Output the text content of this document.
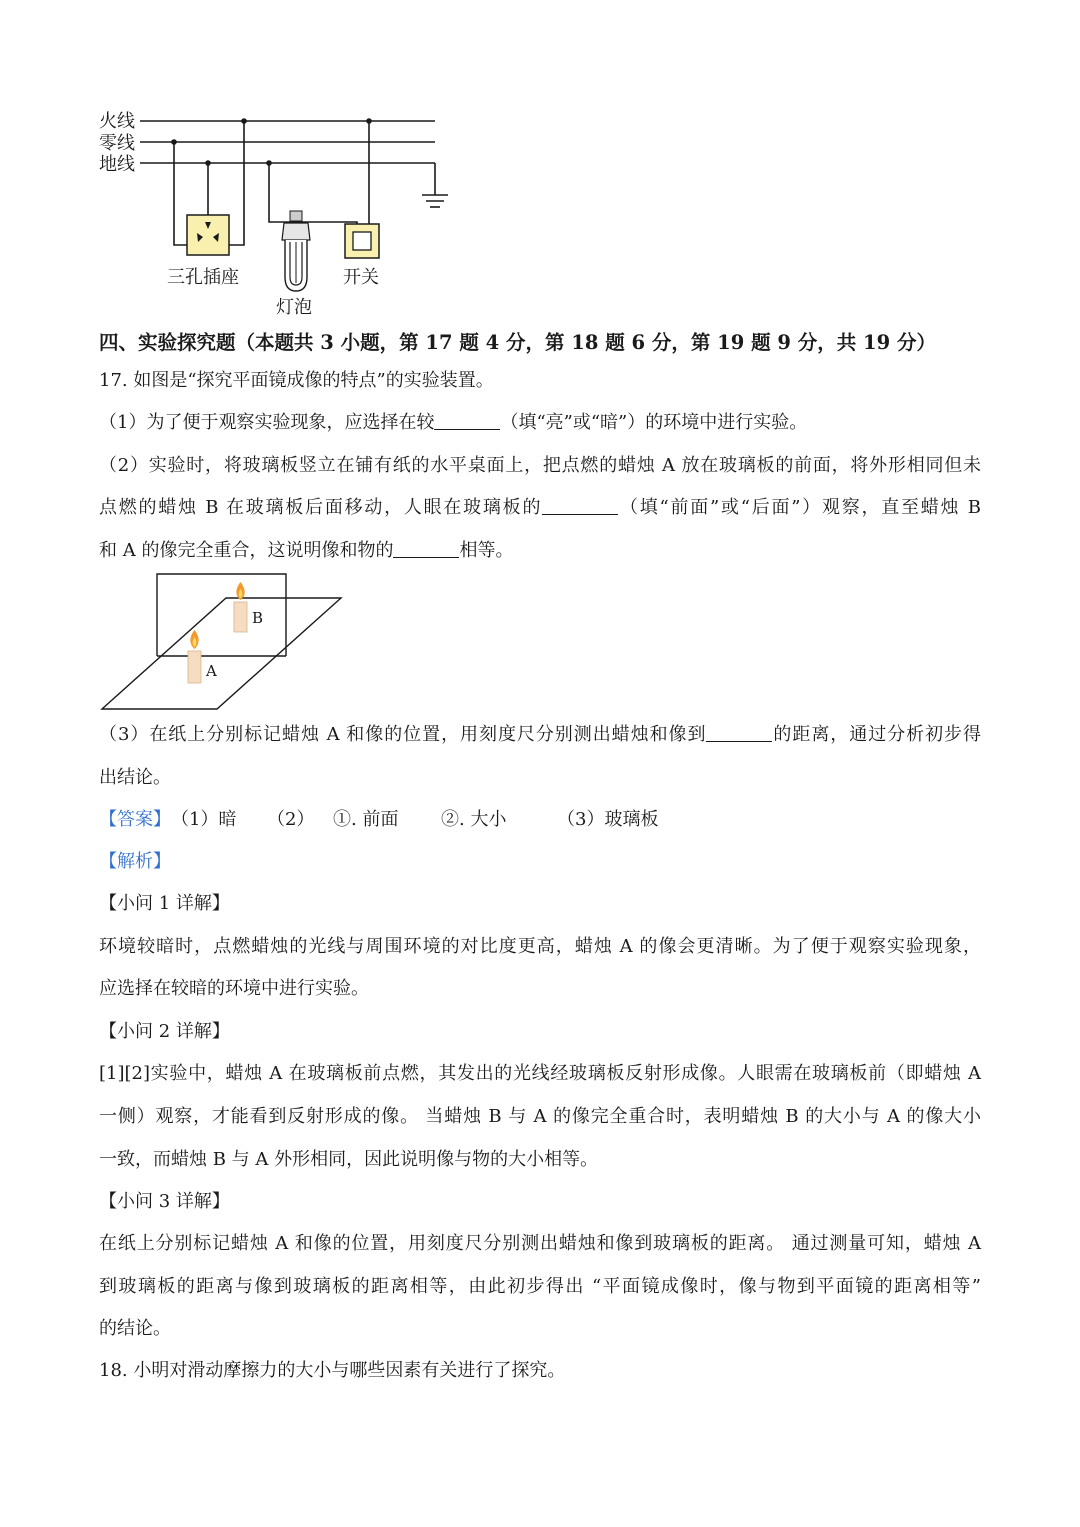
火线
零线
地线
三孔插座
灯泡
开关
四、实验探究题（本题共 3 小题，第 17 题 4 分，第 18 题 6 分，第 19 题 9 分，共 19 分）
17. 如图是“探究平面镜成像的特点”的实验装置。
（1）为了便于观察实验现象，应选择在较	（填“亮”或“暗”）的环境中进行实验。
（2）实验时，将玻璃板竖立在铺有纸的水平桌面上，把点燃的蜡烛 A 放在玻璃板的前面，将外形相同但未
点燃的蜡烛 B 在玻璃板后面移动，人眼在玻璃板的	（填“前面”或“后面”）观察，直至蜡烛 B
和 A 的像完全重合，这说明像和物的	相等。
B
A
（3）在纸上分别标记蜡烛 A 和像的位置，用刻度尺分别测出蜡烛和像到	的距离，通过分析初步得
出结论。
【答案】（1）暗 （2） ①. 前面 ②. 大小	（3）玻璃板
【解析】
【小问 1 详解】
环境较暗时，点燃蜡烛的光线与周围环境的对比度更高，蜡烛 A 的像会更清晰。为了便于观察实验现象，
应选择在较暗的环境中进行实验。
【小问 2 详解】
[1][2]实验中，蜡烛 A 在玻璃板前点燃，其发出的光线经玻璃板反射形成像。人眼需在玻璃板前（即蜡烛 A
一侧）观察，才能看到反射形成的像。 当蜡烛 B 与 A 的像完全重合时，表明蜡烛 B 的大小与 A 的像大小
一致，而蜡烛 B 与 A 外形相同，因此说明像与物的大小相等。
【小问 3 详解】
在纸上分别标记蜡烛 A 和像的位置，用刻度尺分别测出蜡烛和像到玻璃板的距离。 通过测量可知，蜡烛 A
到玻璃板的距离与像到玻璃板的距离相等，由此初步得出 “平面镜成像时，像与物到平面镜的距离相等”
的结论。
18. 小明对滑动摩擦力的大小与哪些因素有关进行了探究。
